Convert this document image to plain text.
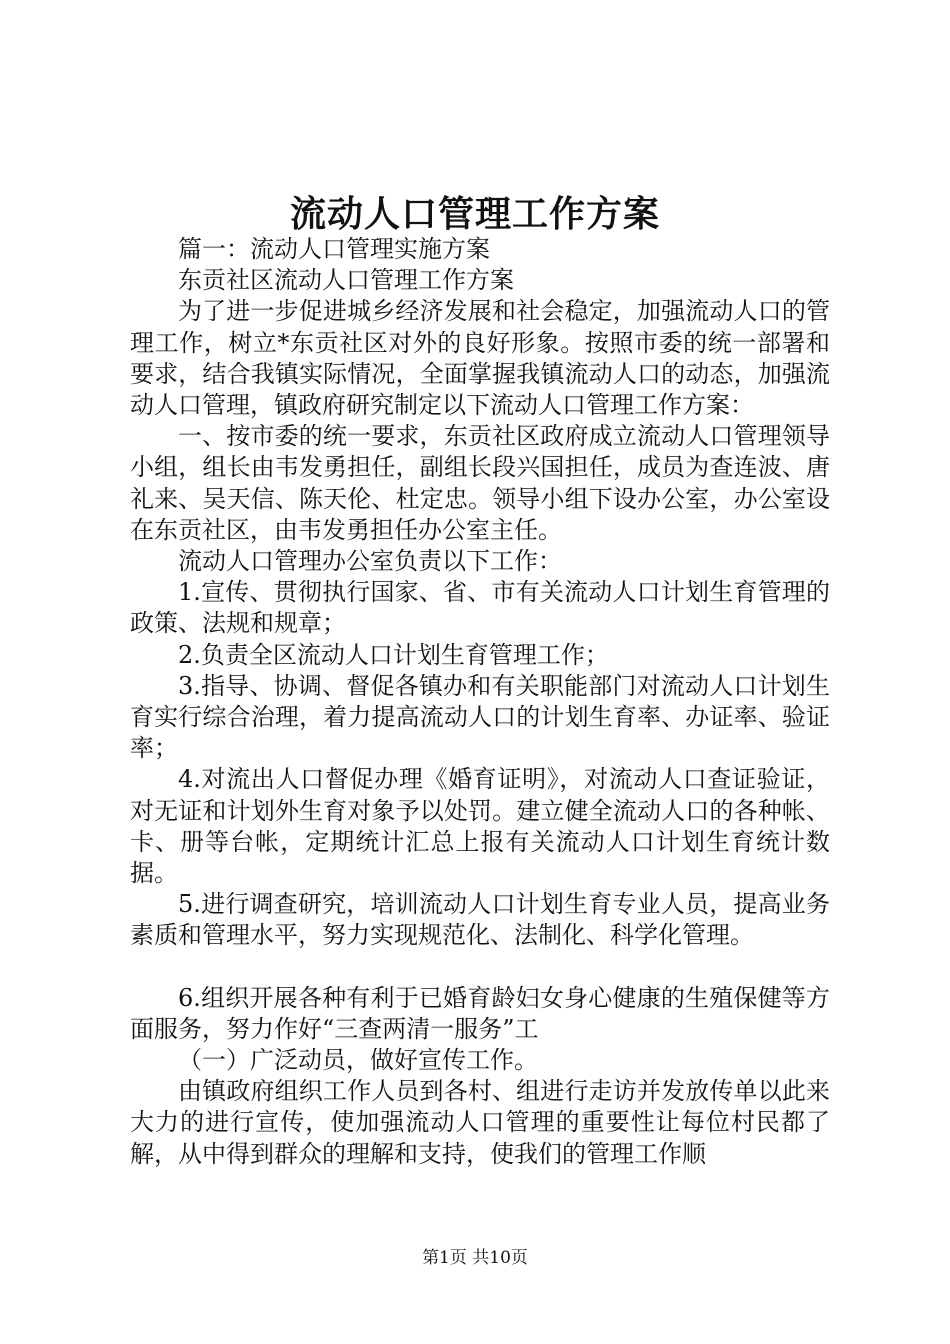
流动人口管理工作方案

篇一：流动人口管理实施方案

东贡社区流动人口管理工作方案

为了进一步促进城乡经济发展和社会稳定，加强流动人口的管理工作，树立*东贡社区对外的良好形象。按照市委的统一部署和要求，结合我镇实际情况，全面掌握我镇流动人口的动态，加强流动人口管理，镇政府研究制定以下流动人口管理工作方案：

一、按市委的统一要求，东贡社区政府成立流动人口管理领导小组，组长由韦发勇担任，副组长段兴国担任，成员为查连波、唐礼来、吴天信、陈天伦、杜定忠。领导小组下设办公室，办公室设在东贡社区，由韦发勇担任办公室主任。

流动人口管理办公室负责以下工作：

1.宣传、贯彻执行国家、省、市有关流动人口计划生育管理的政策、法规和规章；

2.负责全区流动人口计划生育管理工作；

3.指导、协调、督促各镇办和有关职能部门对流动人口计划生育实行综合治理，着力提高流动人口的计划生育率、办证率、验证率；

4.对流出人口督促办理《婚育证明》，对流动人口查证验证，对无证和计划外生育对象予以处罚。建立健全流动人口的各种帐、卡、册等台帐，定期统计汇总上报有关流动人口计划生育统计数据。

5.进行调查研究，培训流动人口计划生育专业人员，提高业务素质和管理水平，努力实现规范化、法制化、科学化管理。

6.组织开展各种有利于已婚育龄妇女身心健康的生殖保健等方面服务，努力作好“三查两清一服务”工

（一）广泛动员，做好宣传工作。

由镇政府组织工作人员到各村、组进行走访并发放传单以此来大力的进行宣传，使加强流动人口管理的重要性让每位村民都了解，从中得到群众的理解和支持，使我们的管理工作顺

第1页 共10页
